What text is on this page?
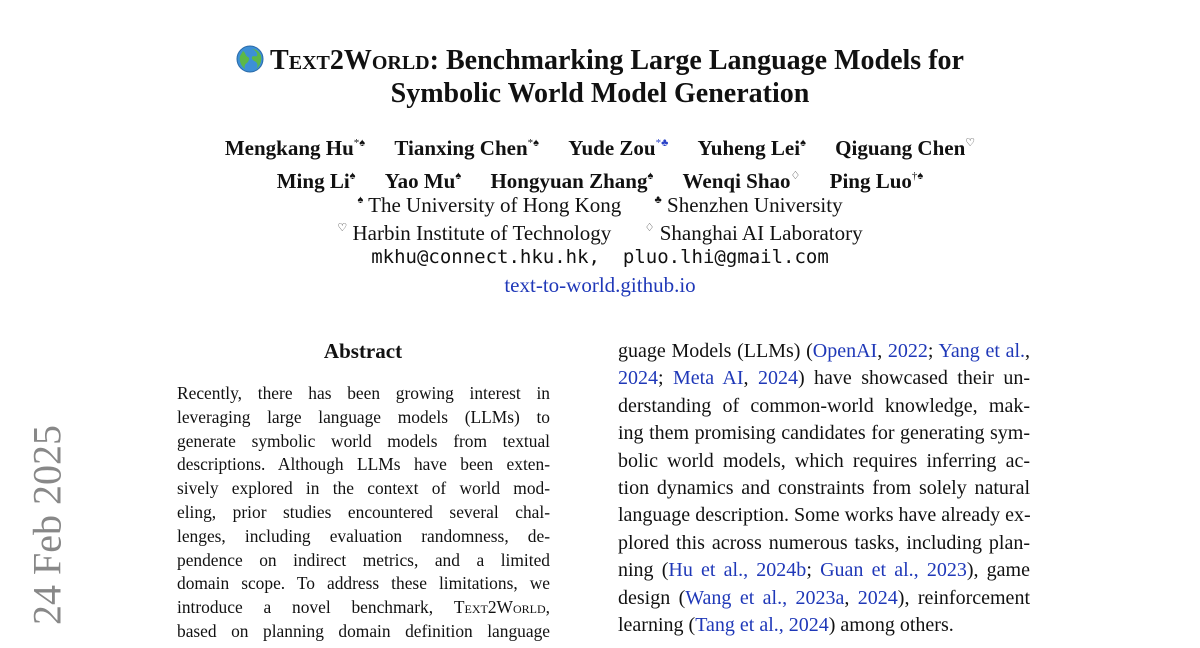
Text2World: Benchmarking Large Language Models for
Symbolic World Model Generation
Mengkang Hu*♠ Tianxing Chen*♠ Yude Zou*♣ Yuheng Lei♠ Qiguang Chen♡
Ming Li♠ Yao Mu♠ Hongyuan Zhang♠ Wenqi Shao♢ Ping Luo†♠
♠ The University of Hong Kong	♣ Shenzhen University
♡ Harbin Institute of Technology	♢ Shanghai AI Laboratory
mkhu@connect.hku.hk,  pluo.lhi@gmail.com
text-to-world.github.io
24 Feb 2025
Abstract
Recently, there has been growing interest in
leveraging large language models (LLMs) to
generate symbolic world models from textual
descriptions. Although LLMs have been exten-
sively explored in the context of world mod-
eling, prior studies encountered several chal-
lenges, including evaluation randomness, de-
pendence on indirect metrics, and a limited
domain scope. To address these limitations, we
introduce a novel benchmark, Text2World,
based on planning domain definition language
guage Models (LLMs) (OpenAI, 2022; Yang et al.,
2024; Meta AI, 2024) have showcased their un-
derstanding of common-world knowledge, mak-
ing them promising candidates for generating sym-
bolic world models, which requires inferring ac-
tion dynamics and constraints from solely natural
language description. Some works have already ex-
plored this across numerous tasks, including plan-
ning (Hu et al., 2024b; Guan et al., 2023), game
design (Wang et al., 2023a, 2024), reinforcement
learning (Tang et al., 2024) among others.
